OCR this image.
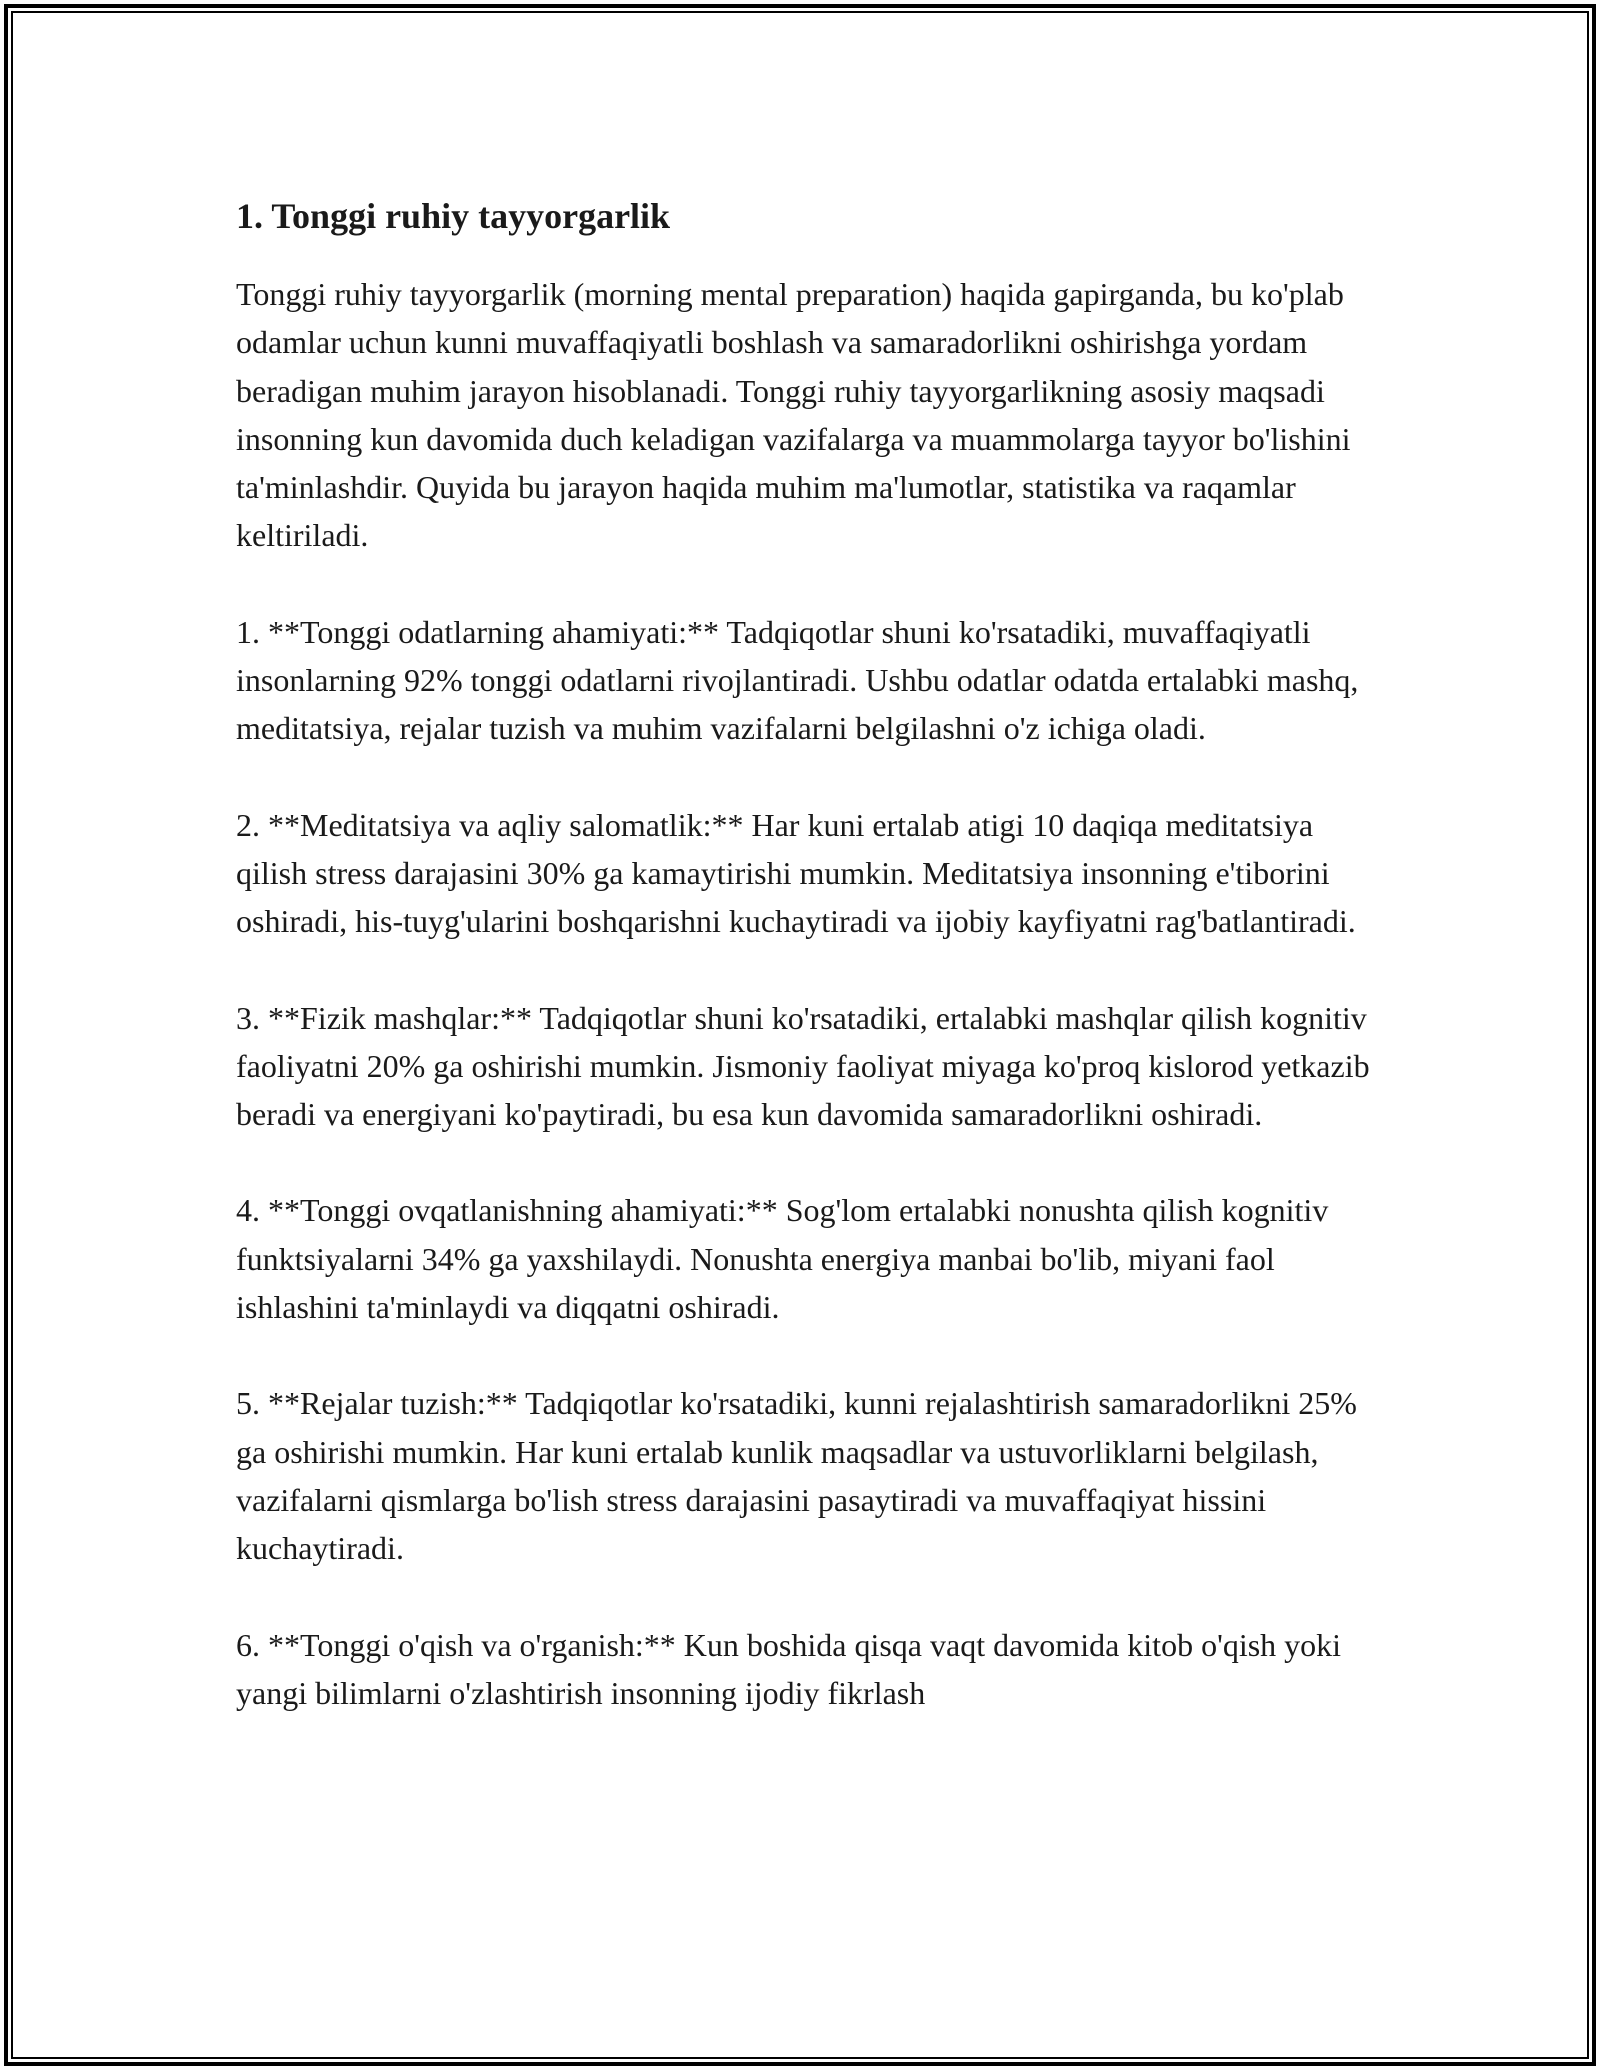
1. Tonggi ruhiy tayyorgarlik

Tonggi ruhiy tayyorgarlik (morning mental preparation) haqida gapirganda, bu ko'plab odamlar uchun kunni muvaffaqiyatli boshlash va samaradorlikni oshirishga yordam beradigan muhim jarayon hisoblanadi. Tonggi ruhiy tayyorgarlikning asosiy maqsadi insonning kun davomida duch keladigan vazifalarga va muammolarga tayyor bo'lishini ta'minlashdir. Quyida bu jarayon haqida muhim ma'lumotlar, statistika va raqamlar keltiriladi.

1. **Tonggi odatlarning ahamiyati:** Tadqiqotlar shuni ko'rsatadiki, muvaffaqiyatli insonlarning 92% tonggi odatlarni rivojlantiradi. Ushbu odatlar odatda ertalabki mashq, meditatsiya, rejalar tuzish va muhim vazifalarni belgilashni o'z ichiga oladi.

2. **Meditatsiya va aqliy salomatlik:** Har kuni ertalab atigi 10 daqiqa meditatsiya qilish stress darajasini 30% ga kamaytirishi mumkin. Meditatsiya insonning e'tiborini oshiradi, his-tuyg'ularini boshqarishni kuchaytiradi va ijobiy kayfiyatni rag'batlantiradi.

3. **Fizik mashqlar:** Tadqiqotlar shuni ko'rsatadiki, ertalabki mashqlar qilish kognitiv faoliyatni 20% ga oshirishi mumkin. Jismoniy faoliyat miyaga ko'proq kislorod yetkazib beradi va energiyani ko'paytiradi, bu esa kun davomida samaradorlikni oshiradi.

4. **Tonggi ovqatlanishning ahamiyati:** Sog'lom ertalabki nonushta qilish kognitiv funktsiyalarni 34% ga yaxshilaydi. Nonushta energiya manbai bo'lib, miyani faol ishlashini ta'minlaydi va diqqatni oshiradi.

5. **Rejalar tuzish:** Tadqiqotlar ko'rsatadiki, kunni rejalashtirish samaradorlikni 25% ga oshirishi mumkin. Har kuni ertalab kunlik maqsadlar va ustuvorliklarni belgilash, vazifalarni qismlarga bo'lish stress darajasini pasaytiradi va muvaffaqiyat hissini kuchaytiradi.

6. **Tonggi o'qish va o'rganish:** Kun boshida qisqa vaqt davomida kitob o'qish yoki yangi bilimlarni o'zlashtirish insonning ijodiy fikrlash
